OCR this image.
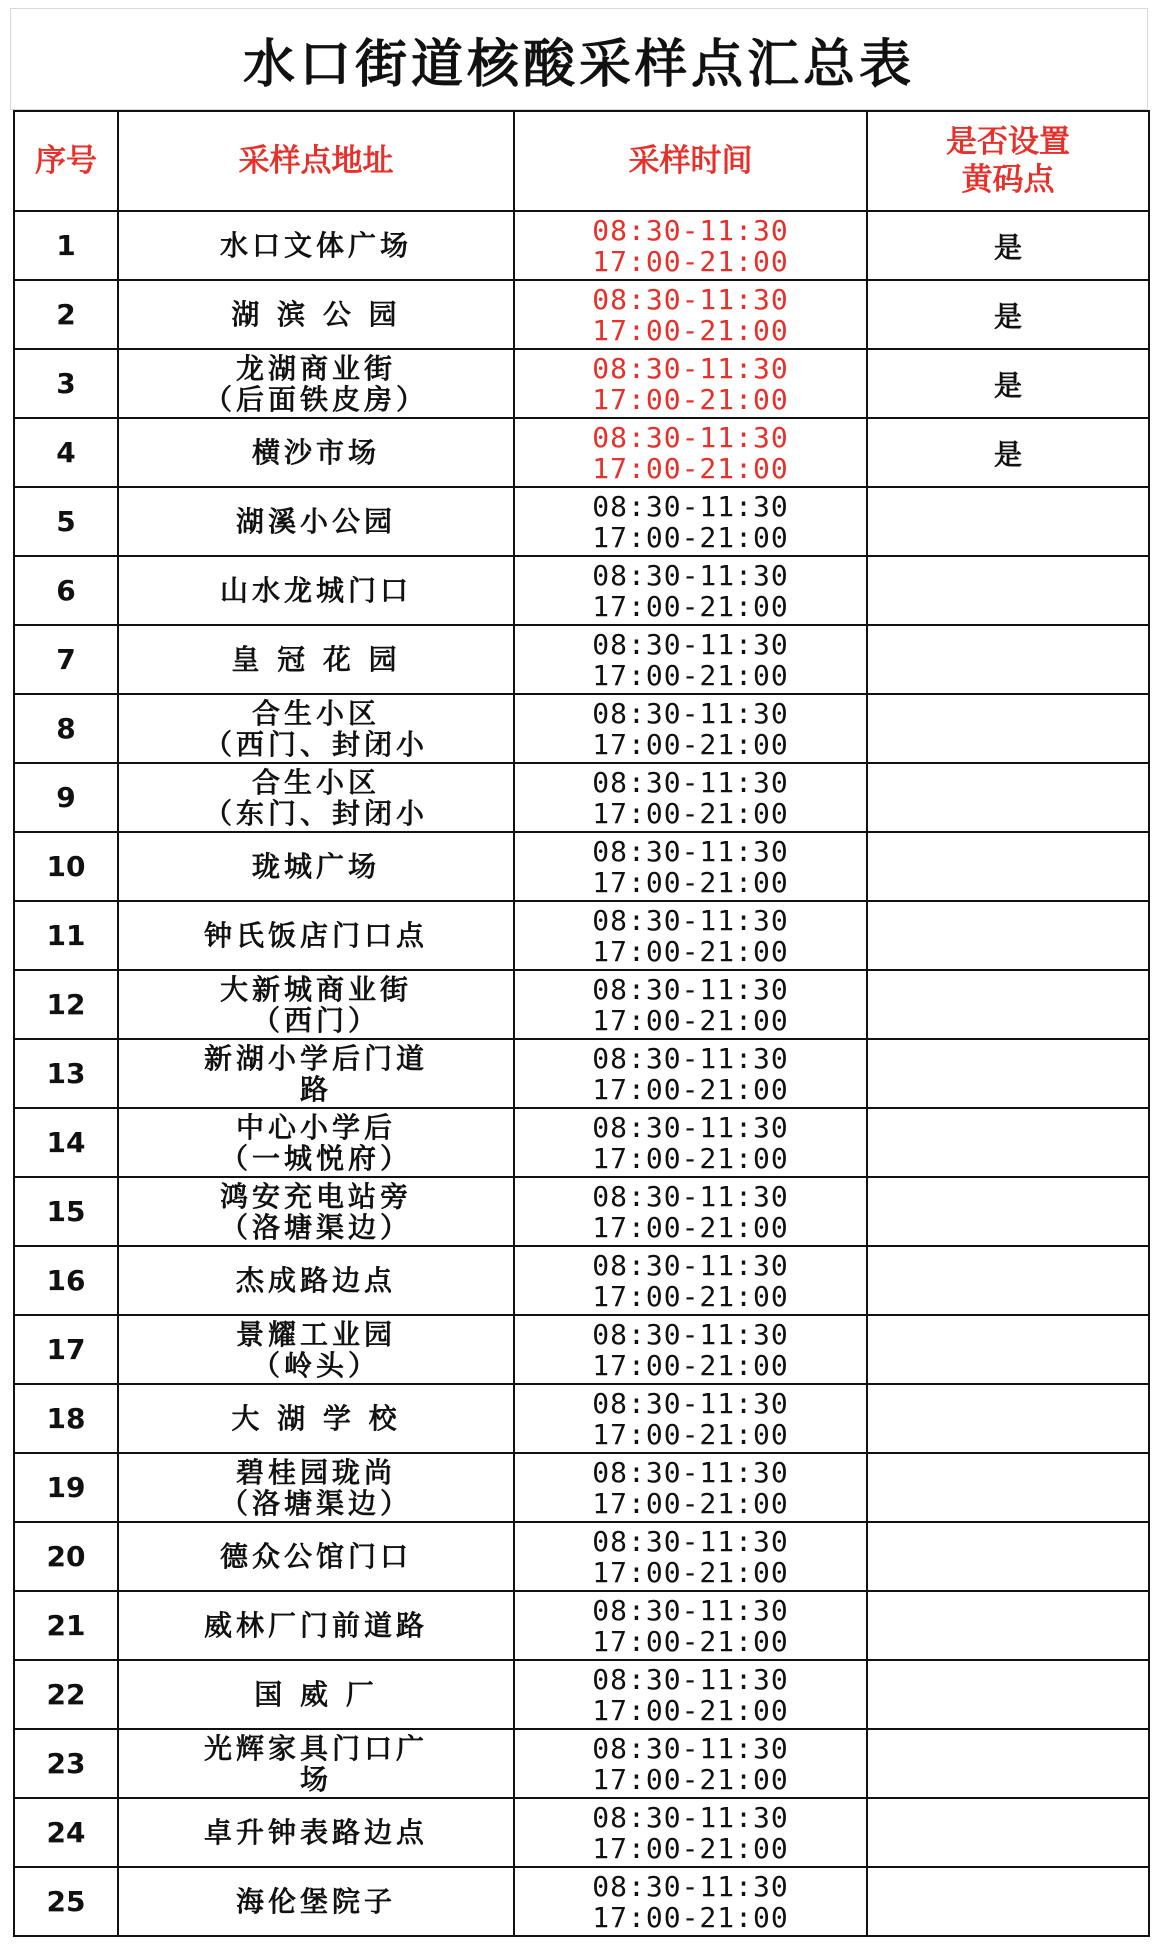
水口街道核酸采样点汇总表
序号	采样点地址	采样时间	是否设置
黄码点

1	水口文体广场	08:30-11:30
17:00-21:00	是
2	湖 滨 公 园	08:30-11:30
17:00-21:00	是
3	龙湖商业街
（后面铁皮房）	08:30-11:30
17:00-21:00	是
4	横沙市场	08:30-11:30
17:00-21:00	是
5	湖溪小公园	08:30-11:30
17:00-21:00	

6	山水龙城门口	08:30-11:30
17:00-21:00	

7	皇 冠 花 园	08:30-11:30
17:00-21:00	

8	合生小区
（西门、封闭小	08:30-11:30
17:00-21:00	

9	合生小区
（东门、封闭小	08:30-11:30
17:00-21:00	

10	珑城广场	08:30-11:30
17:00-21:00	

11	钟氏饭店门口点	08:30-11:30
17:00-21:00	

12	大新城商业街
（西门）	08:30-11:30
17:00-21:00	

13	新湖小学后门道
路	08:30-11:30
17:00-21:00	

14	中心小学后
（一城悦府）	08:30-11:30
17:00-21:00	

15	鸿安充电站旁
（洛塘渠边）	08:30-11:30
17:00-21:00	

16	杰成路边点	08:30-11:30
17:00-21:00	

17	景耀工业园
（岭头）	08:30-11:30
17:00-21:00	

18	大 湖 学 校	08:30-11:30
17:00-21:00	

19	碧桂园珑尚
（洛塘渠边）	08:30-11:30
17:00-21:00	

20	德众公馆门口	08:30-11:30
17:00-21:00	

21	威林厂门前道路	08:30-11:30
17:00-21:00	

22	国 威 厂	08:30-11:30
17:00-21:00	

23	光辉家具门口广
场	08:30-11:30
17:00-21:00	

24	卓升钟表路边点	08:30-11:30
17:00-21:00	

25	海伦堡院子	08:30-11:30
17:00-21:00	
